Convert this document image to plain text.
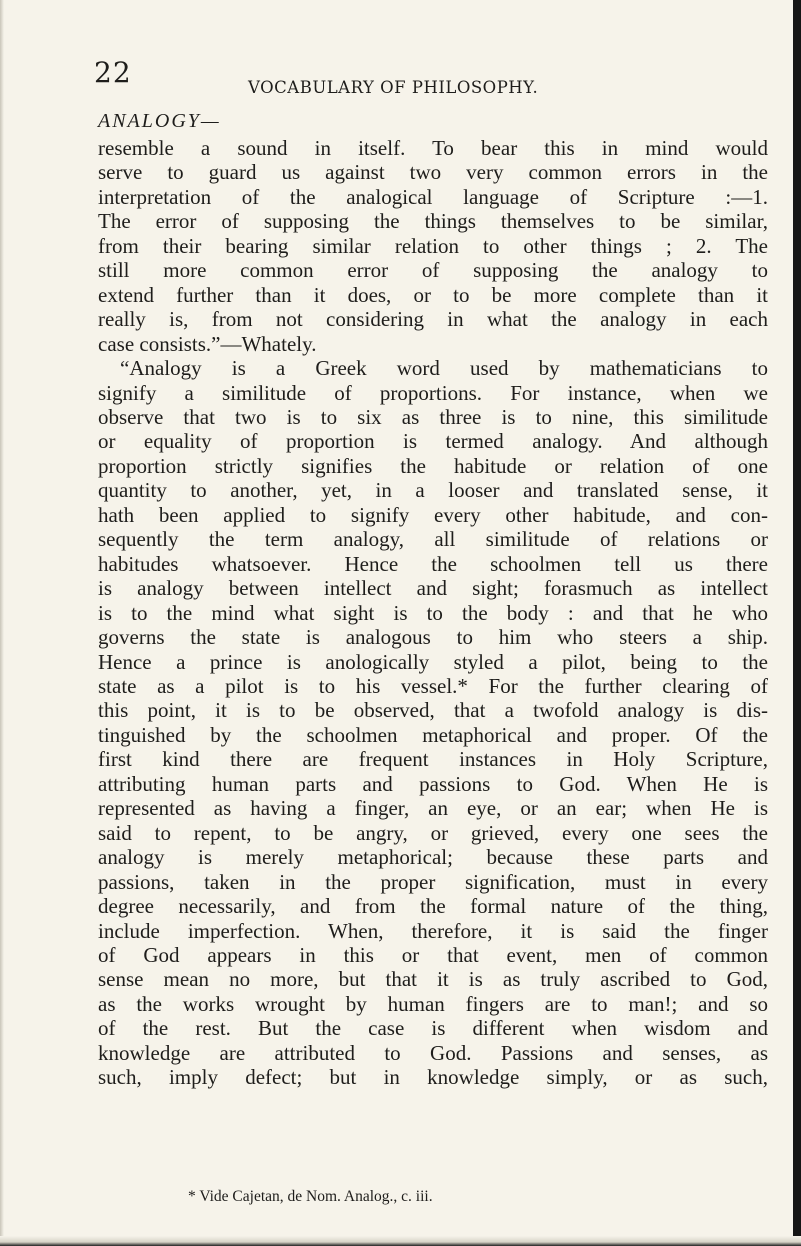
22	VOCABULARY OF PHILOSOPHY.
ANALOGY—
resemble a sound in itself. To bear this in mind would
serve to guard us against two very common errors in the
interpretation of the analogical language of Scripture :—1.
The error of supposing the things themselves to be similar,
from their bearing similar relation to other things ; 2. The
still more common error of supposing the analogy to
extend further than it does, or to be more complete than it
really is, from not considering in what the analogy in each
case consists.”—Whately.
“Analogy is a Greek word used by mathematicians to
signify a similitude of proportions. For instance, when we
observe that two is to six as three is to nine, this similitude
or equality of proportion is termed analogy. And although
proportion strictly signifies the habitude or relation of one
quantity to another, yet, in a looser and translated sense, it
hath been applied to signify every other habitude, and con-
sequently the term analogy, all similitude of relations or
habitudes whatsoever. Hence the schoolmen tell us there
is analogy between intellect and sight; forasmuch as intellect
is to the mind what sight is to the body : and that he who
governs the state is analogous to him who steers a ship.
Hence a prince is anologically styled a pilot, being to the
state as a pilot is to his vessel.* For the further clearing of
this point, it is to be observed, that a twofold analogy is dis-
tinguished by the schoolmen metaphorical and proper. Of the
first kind there are frequent instances in Holy Scripture,
attributing human parts and passions to God. When He is
represented as having a finger, an eye, or an ear; when He is
said to repent, to be angry, or grieved, every one sees the
analogy is merely metaphorical; because these parts and
passions, taken in the proper signification, must in every
degree necessarily, and from the formal nature of the thing,
include imperfection. When, therefore, it is said the finger
of God appears in this or that event, men of common
sense mean no more, but that it is as truly ascribed to God,
as the works wrought by human fingers are to man!; and so
of the rest. But the case is different when wisdom and
knowledge are attributed to God. Passions and senses, as
such, imply defect; but in knowledge simply, or as such,
* Vide Cajetan, de Nom. Analog., c. iii.
